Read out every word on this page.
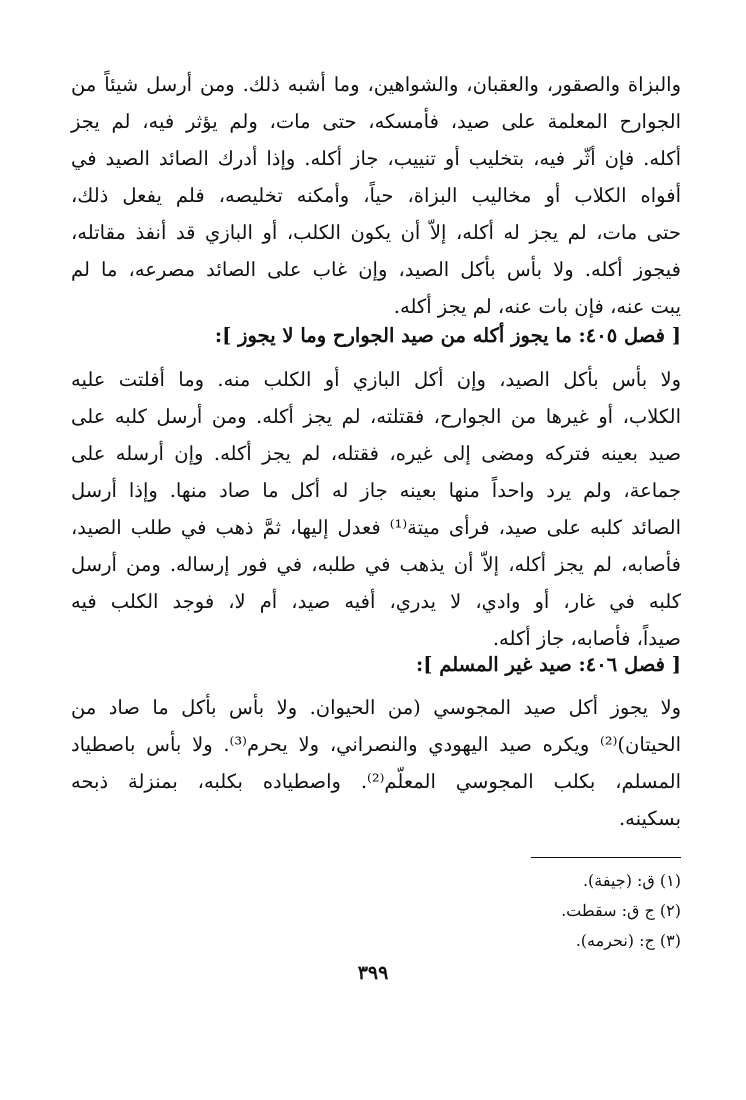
والبزاة والصقور، والعقبان، والشواهين، وما أشبه ذلك. ومن أرسل شيئاً من
الجوارح المعلمة على صيد، فأمسكه، حتى مات، ولم يؤثر فيه، لم يجز
أكله. فإن أثّر فيه، بتخليب أو تنييب، جاز أكله. وإذا أدرك الصائد الصيد في
أفواه الكلاب أو مخاليب البزاة، حياً، وأمكنه تخليصه، فلم يفعل ذلك،
حتى مات، لم يجز له أكله، إلاّ أن يكون الكلب، أو البازي قد أنفذ مقاتله،
فيجوز أكله. ولا بأس بأكل الصيد، وإن غاب على الصائد مصرعه، ما لم
يبت عنه، فإن بات عنه، لم يجز أكله.
[ فصل ٤٠٥: ما يجوز أكله من صيد الجوارح وما لا يجوز ]:
ولا بأس بأكل الصيد، وإن أكل البازي أو الكلب منه. وما أفلتت عليه
الكلاب، أو غيرها من الجوارح، فقتلته، لم يجز أكله. ومن أرسل كلبه على
صيد بعينه فتركه ومضى إلى غيره، فقتله، لم يجز أكله. وإن أرسله على
جماعة، ولم يرد واحداً منها بعينه جاز له أكل ما صاد منها. وإذا أرسل
الصائد كلبه على صيد، فرأى ميتة⁽¹⁾ فعدل إليها، ثمَّ ذهب في طلب الصيد،
فأصابه، لم يجز أكله، إلاّ أن يذهب في طلبه، في فور إرساله. ومن أرسل
كلبه في غار، أو وادي، لا يدري، أفيه صيد، أم لا، فوجد الكلب فيه
صيداً، فأصابه، جاز أكله.
[ فصل ٤٠٦: صيد غير المسلم ]:
ولا يجوز أكل صيد المجوسي (من الحيوان. ولا بأس بأكل ما صاد من
الحيتان)⁽²⁾ ويكره صيد اليهودي والنصراني، ولا يحرم⁽³⁾. ولا بأس باصطياد
المسلم، بكلب المجوسي المعلّم⁽²⁾. واصطياده بكلبه، بمنزلة ذبحه
بسكينه.
(١) ق: (جيفة).
(٢) ج ق: سقطت.
(٣) ج: (نحرمه).
٣٩٩
